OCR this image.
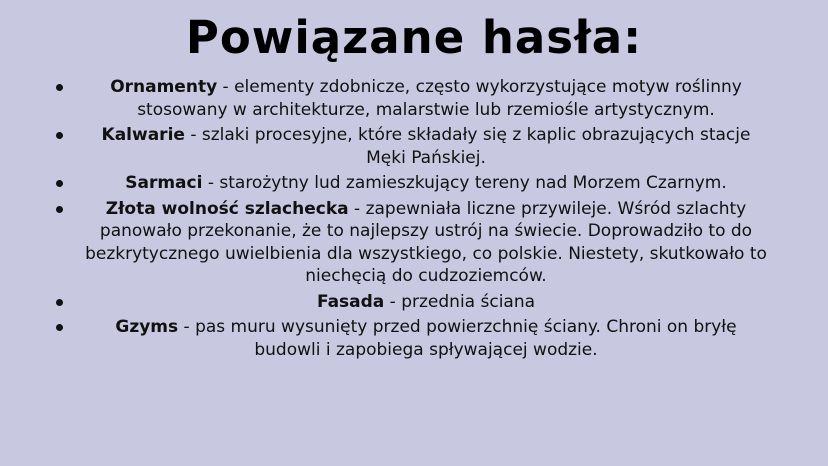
Powiązane hasła:
Ornamenty - elementy zdobnicze, często wykorzystujące motyw roślinny stosowany w architekturze, malarstwie lub rzemiośle artystycznym.
Kalwarie - szlaki procesyjne, które składały się z kaplic obrazujących stacje Męki Pańskiej.
Sarmaci - starożytny lud zamieszkujący tereny nad Morzem Czarnym.
Złota wolność szlachecka - zapewniała liczne przywileje. Wśród szlachty panowało przekonanie, że to najlepszy ustrój na świecie. Doprowadziło to do bezkrytycznego uwielbienia dla wszystkiego, co polskie. Niestety, skutkowało to niechęcią do cudzoziemców.
Fasada - przednia ściana
Gzyms - pas muru wysunięty przed powierzchnię ściany. Chroni on bryłę budowli i zapobiega spływającej wodzie.
